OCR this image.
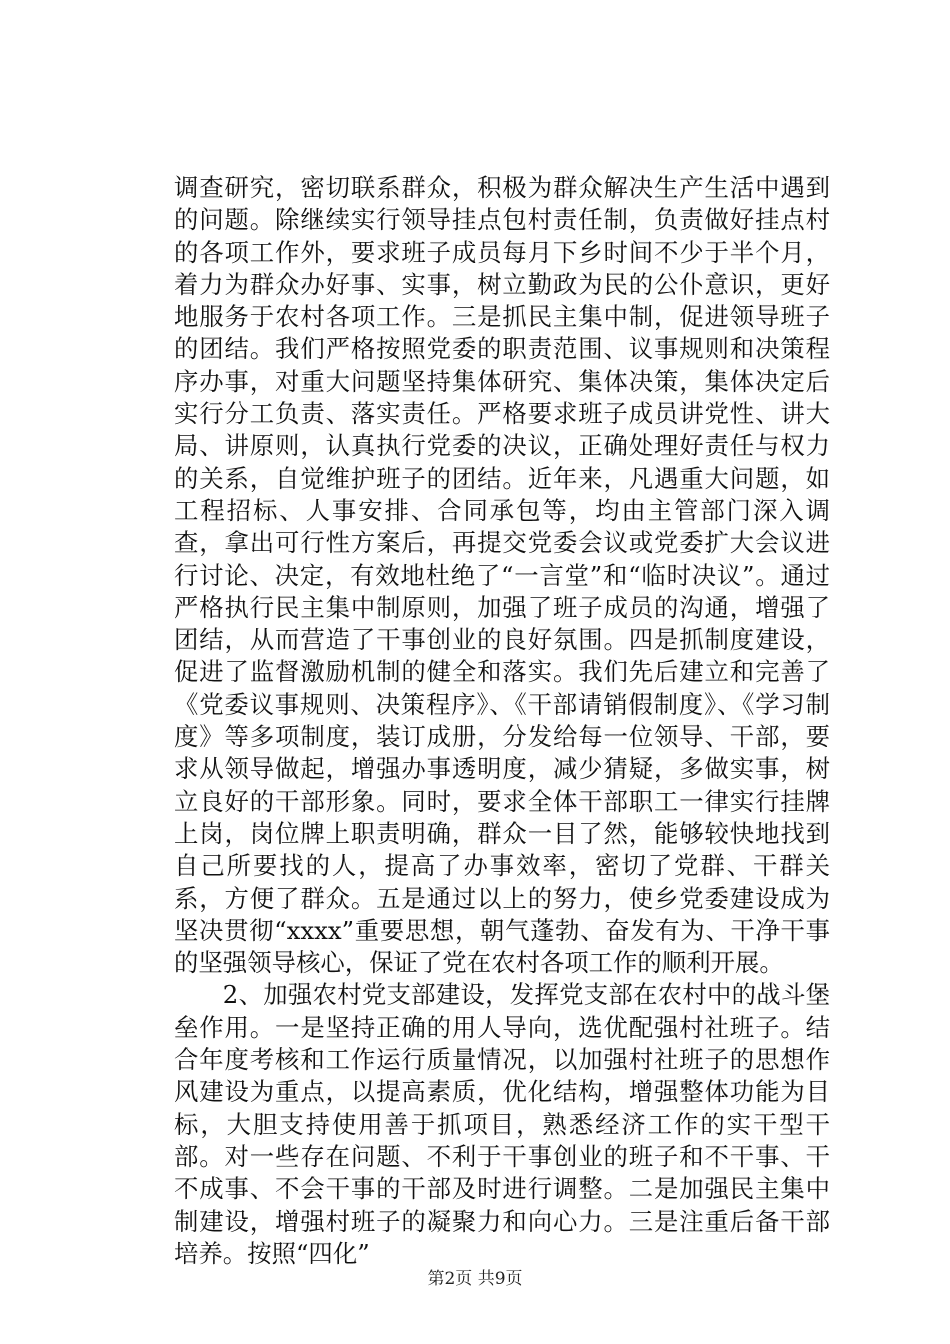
调查研究，密切联系群众，积极为群众解决生产生活中遇到的问题。除继续实行领导挂点包村责任制，负责做好挂点村的各项工作外，要求班子成员每月下乡时间不少于半个月，着力为群众办好事、实事，树立勤政为民的公仆意识，更好地服务于农村各项工作。三是抓民主集中制，促进领导班子的团结。我们严格按照党委的职责范围、议事规则和决策程序办事，对重大问题坚持集体研究、集体决策，集体决定后实行分工负责、落实责任。严格要求班子成员讲党性、讲大局、讲原则，认真执行党委的决议，正确处理好责任与权力的关系，自觉维护班子的团结。近年来，凡遇重大问题，如工程招标、人事安排、合同承包等，均由主管部门深入调查，拿出可行性方案后，再提交党委会议或党委扩大会议进行讨论、决定，有效地杜绝了“一言堂”和“临时决议”。通过严格执行民主集中制原则，加强了班子成员的沟通，增强了团结，从而营造了干事创业的良好氛围。四是抓制度建设，促进了监督激励机制的健全和落实。我们先后建立和完善了《党委议事规则、决策程序》、《干部请销假制度》、《学习制度》等多项制度，装订成册，分发给每一位领导、干部，要求从领导做起，增强办事透明度，减少猜疑，多做实事，树立良好的干部形象。同时，要求全体干部职工一律实行挂牌上岗，岗位牌上职责明确，群众一目了然，能够较快地找到自己所要找的人，提高了办事效率，密切了党群、干群关系，方便了群众。五是通过以上的努力，使乡党委建设成为坚决贯彻“xxxx”重要思想，朝气蓬勃、奋发有为、干净干事的坚强领导核心，保证了党在农村各项工作的顺利开展。

2、加强农村党支部建设，发挥党支部在农村中的战斗堡垒作用。一是坚持正确的用人导向，选优配强村社班子。结合年度考核和工作运行质量情况，以加强村社班子的思想作风建设为重点，以提高素质，优化结构，增强整体功能为目标，大胆支持使用善于抓项目，熟悉经济工作的实干型干部。对一些存在问题、不利于干事创业的班子和不干事、干不成事、不会干事的干部及时进行调整。二是加强民主集中制建设，增强村班子的凝聚力和向心力。三是注重后备干部培养。按照“四化”

第2页 共9页
